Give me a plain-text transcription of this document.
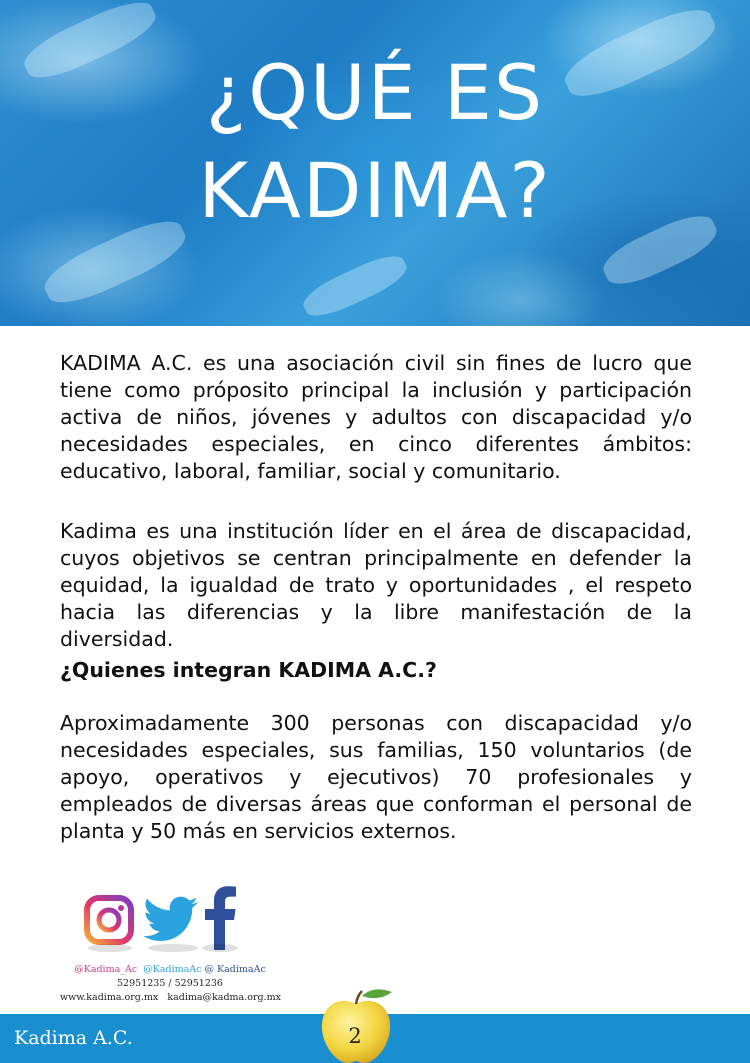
¿QUÉ ES
KADIMA?

KADIMA A.C. es una asociación civil sin fines de lucro que tiene como próposito principal la inclusión y participación activa de niños, jóvenes y adultos con discapacidad y/o necesidades especiales, en cinco diferentes ámbitos: educativo, laboral, familiar, social y comunitario.

Kadima es una institución líder en el área de discapacidad, cuyos objetivos se centran principalmente en defender la equidad, la igualdad de trato y oportunidades , el respeto hacia las diferencias y la libre manifestación de la diversidad.

¿Quienes integran KADIMA A.C.?

Aproximadamente 300 personas con discapacidad y/o necesidades especiales, sus familias, 150 voluntarios (de apoyo, operativos y ejecutivos) 70 profesionales y empleados de diversas áreas que conforman el personal de planta y 50 más en servicios externos.

@Kadima_Ac @KadimaAc @ KadimaAc
52951235 / 52951236
www.kadima.org.mx kadima@kadma.org.mx
Kadima A.C.	2
